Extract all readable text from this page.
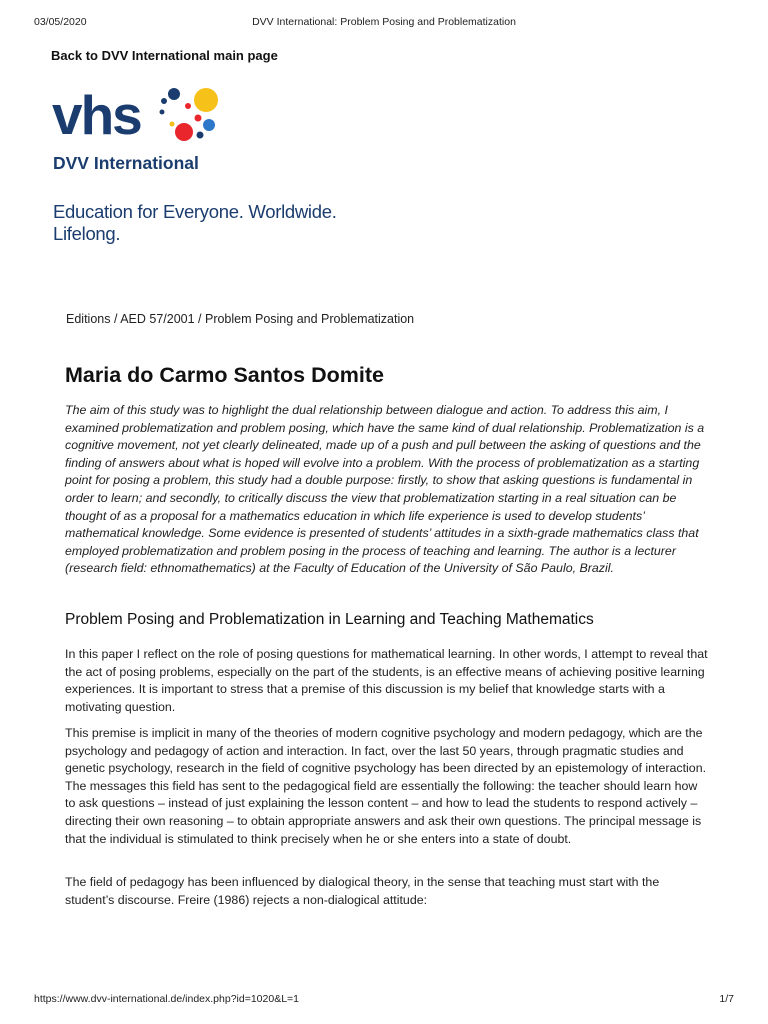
03/05/2020	DVV International: Problem Posing and Problematization
Back to DVV International main page
vhs
DVV International
Education for Everyone. Worldwide.
Lifelong.
Editions / AED 57/2001 / Problem Posing and Problematization
Maria do Carmo Santos Domite

The aim of this study was to highlight the dual relationship between dialogue and action. To address this aim, I examined problematization and problem posing, which have the same kind of dual relationship. Problematization is a cognitive movement, not yet clearly delineated, made up of a push and pull between the asking of questions and the finding of answers about what is hoped will evolve into a problem. With the process of problematization as a starting point for posing a problem, this study had a double purpose: firstly, to show that asking questions is fundamental in order to learn; and secondly, to critically discuss the view that problematization starting in a real situation can be thought of as a proposal for a mathematics education in which life experience is used to develop students’ mathematical knowledge. Some evidence is presented of students’ attitudes in a sixth-grade mathematics class that employed problematization and problem posing in the process of teaching and learning. The author is a lecturer (research field: ethnomathematics) at the Faculty of Education of the University of São Paulo, Brazil.

Problem Posing and Problematization in Learning and Teaching Mathematics

In this paper I reflect on the role of posing questions for mathematical learning. In other words, I attempt to reveal that the act of posing problems, especially on the part of the students, is an effective means of achieving positive learning experiences. It is important to stress that a premise of this discussion is my belief that knowledge starts with a motivating question.

This premise is implicit in many of the theories of modern cognitive psychology and modern pedagogy, which are the psychology and pedagogy of action and interaction. In fact, over the last 50 years, through pragmatic studies and genetic psychology, research in the field of cognitive psychology has been directed by an epistemology of interaction. The messages this field has sent to the pedagogical field are essentially the following: the teacher should learn how to ask questions – instead of just explaining the lesson content – and how to lead the students to respond actively – directing their own reasoning – to obtain appropriate answers and ask their own questions. The principal message is that the individual is stimulated to think precisely when he or she enters into a state of doubt.

The field of pedagogy has been influenced by dialogical theory, in the sense that teaching must start with the student’s discourse. Freire (1986) rejects a non-dialogical attitude:

https://www.dvv-international.de/index.php?id=1020&L=1	1/7
